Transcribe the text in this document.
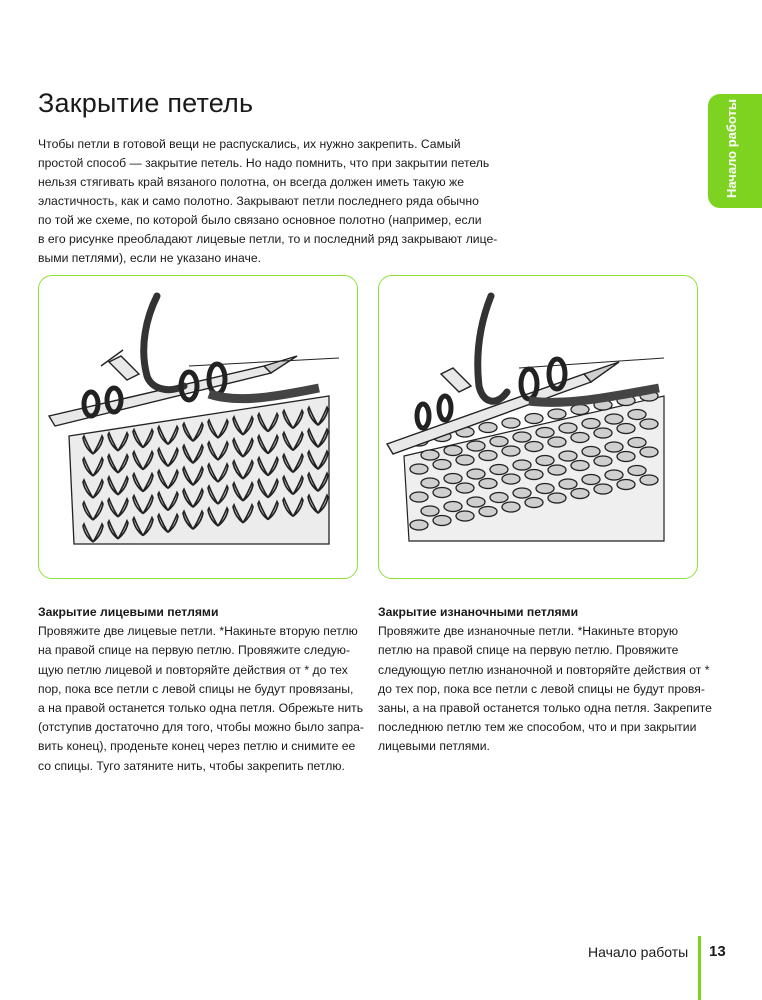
Закрытие петель
Чтобы петли в готовой вещи не распускались, их нужно закрепить. Самый
простой способ — закрытие петель. Но надо помнить, что при закрытии петель
нельзя стягивать край вязаного полотна, он всегда должен иметь такую же
эластичность, как и само полотно. Закрывают петли последнего ряда обычно
по той же схеме, по которой было связано основное полотно (например, если
в его рисунке преобладают лицевые петли, то и последний ряд закрывают лице-
выми петлями), если не указано иначе.
Начало работы
Закрытие лицевыми петлями
Провяжите две лицевые петли. *Накиньте вторую петлю
на правой спице на первую петлю. Провяжите следую-
щую петлю лицевой и повторяйте действия от * до тех
пор, пока все петли с левой спицы не будут провязаны,
а на правой останется только одна петля. Обрежьте нить
(отступив достаточно для того, чтобы можно было запра-
вить конец), проденьте конец через петлю и снимите ее
со спицы. Туго затяните нить, чтобы закрепить петлю.
Закрытие изнаночными петлями
Провяжите две изнаночные петли. *Накиньте вторую
петлю на правой спице на первую петлю. Провяжите
следующую петлю изнаночной и повторяйте действия от *
до тех пор, пока все петли с левой спицы не будут провя-
заны, а на правой останется только одна петля. Закрепите
последнюю петлю тем же способом, что и при закрытии
лицевыми петлями.
Начало работы 13
